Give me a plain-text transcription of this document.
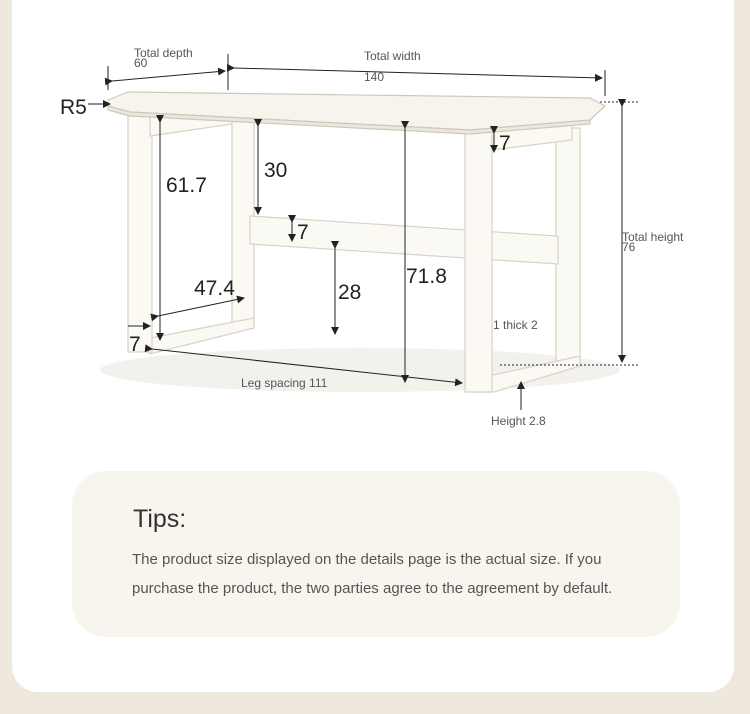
Total depth
60	Total width
140
R5
61.7
30
7
28
71.8
7
47.4
7
Total height
76
1 thick 2
Leg spacing 111
Height 2.8
Tips:
The product size displayed on the details page is the actual size. If you purchase the product, the two parties agree to the agreement by default.
